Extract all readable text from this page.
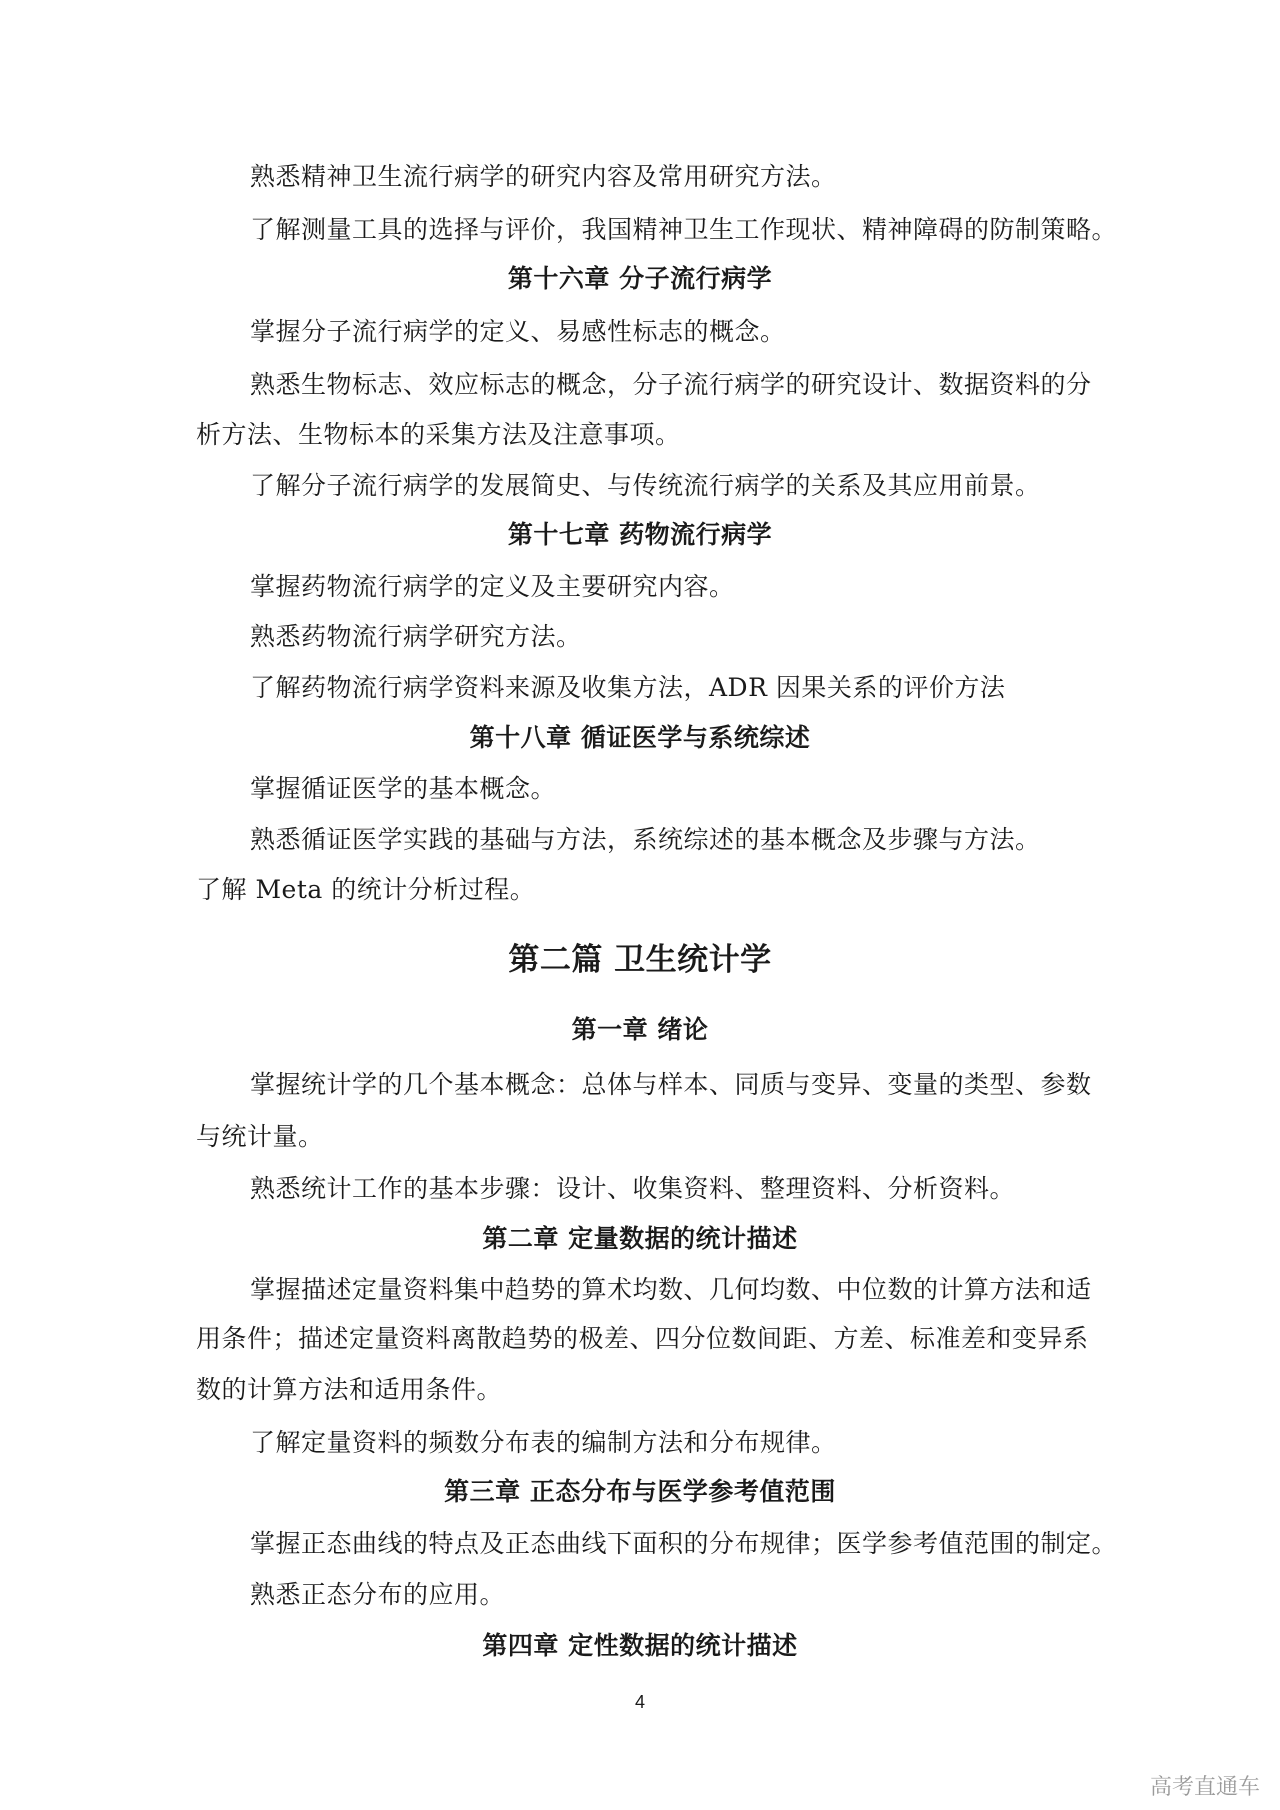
熟悉精神卫生流行病学的研究内容及常用研究方法。
了解测量工具的选择与评价，我国精神卫生工作现状、精神障碍的防制策略。
第十六章 分子流行病学
掌握分子流行病学的定义、易感性标志的概念。
熟悉生物标志、效应标志的概念，分子流行病学的研究设计、数据资料的分
析方法、生物标本的采集方法及注意事项。
了解分子流行病学的发展简史、与传统流行病学的关系及其应用前景。
第十七章 药物流行病学
掌握药物流行病学的定义及主要研究内容。
熟悉药物流行病学研究方法。
了解药物流行病学资料来源及收集方法，ADR 因果关系的评价方法
第十八章 循证医学与系统综述
掌握循证医学的基本概念。
熟悉循证医学实践的基础与方法，系统综述的基本概念及步骤与方法。
了解 Meta 的统计分析过程。
第二篇 卫生统计学
第一章 绪论
掌握统计学的几个基本概念：总体与样本、同质与变异、变量的类型、参数
与统计量。
熟悉统计工作的基本步骤：设计、收集资料、整理资料、分析资料。
第二章 定量数据的统计描述
掌握描述定量资料集中趋势的算术均数、几何均数、中位数的计算方法和适
用条件；描述定量资料离散趋势的极差、四分位数间距、方差、标准差和变异系
数的计算方法和适用条件。
了解定量资料的频数分布表的编制方法和分布规律。
第三章 正态分布与医学参考值范围
掌握正态曲线的特点及正态曲线下面积的分布规律；医学参考值范围的制定。
熟悉正态分布的应用。
第四章 定性数据的统计描述
4
高考直通车
